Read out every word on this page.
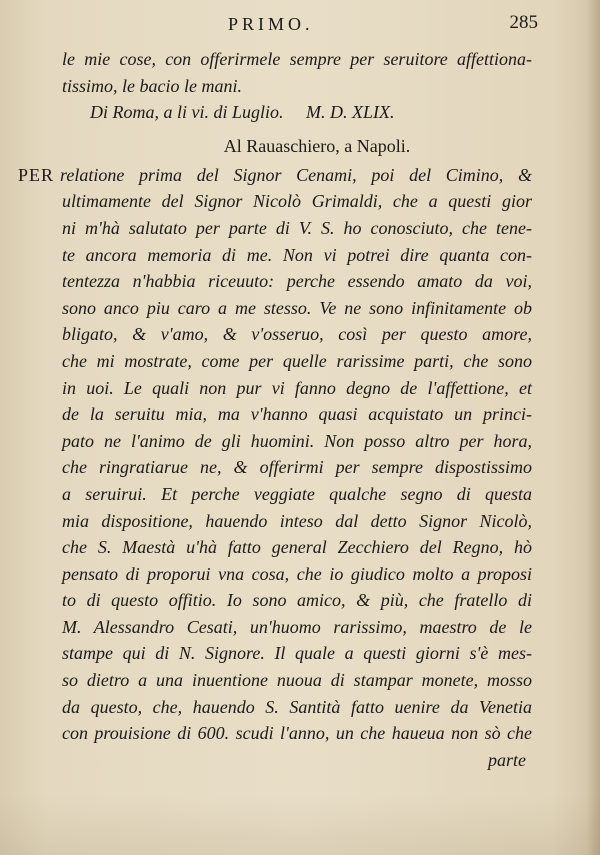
PRIMO.	285
le mie cose, con offerirmele sempre per seruitore affettiona-
tissimo, le bacio le mani.
Di Roma, a li vi. di Luglio. M. D. XLIX.
Al Rauaschiero, a Napoli.
PER relatione prima del Signor Cenami, poi del Cimino, &
ultimamente del Signor Nicolò Grimaldi, che a questi gior
ni m'hà salutato per parte di V. S. ho conosciuto, che tene-
te ancora memoria di me. Non vi potrei dire quanta con-
tentezza n'habbia riceuuto: perche essendo amato da voi,
sono anco piu caro a me stesso. Ve ne sono infinitamente ob
bligato, & v'amo, & v'osseruo, così per questo amore,
che mi mostrate, come per quelle rarissime parti, che sono
in uoi. Le quali non pur vi fanno degno de l'affettione, et
de la seruitu mia, ma v'hanno quasi acquistato un princi-
pato ne l'animo de gli huomini. Non posso altro per hora,
che ringratiarue ne, & offerirmi per sempre dispostissimo
a seruirui. Et perche veggiate qualche segno di questa
mia dispositione, hauendo inteso dal detto Signor Nicolò,
che S. Maestà u'hà fatto general Zecchiero del Regno, hò
pensato di proporui vna cosa, che io giudico molto a proposi
to di questo offitio. Io sono amico, & più, che fratello di
M. Alessandro Cesati, un'huomo rarissimo, maestro de le
stampe qui di N. Signore. Il quale a questi giorni s'è mes-
so dietro a una inuentione nuoua di stampar monete, mosso
da questo, che, hauendo S. Santità fatto uenire da Venetia
con prouisione di 600. scudi l'anno, un che haueua non sò che
parte
